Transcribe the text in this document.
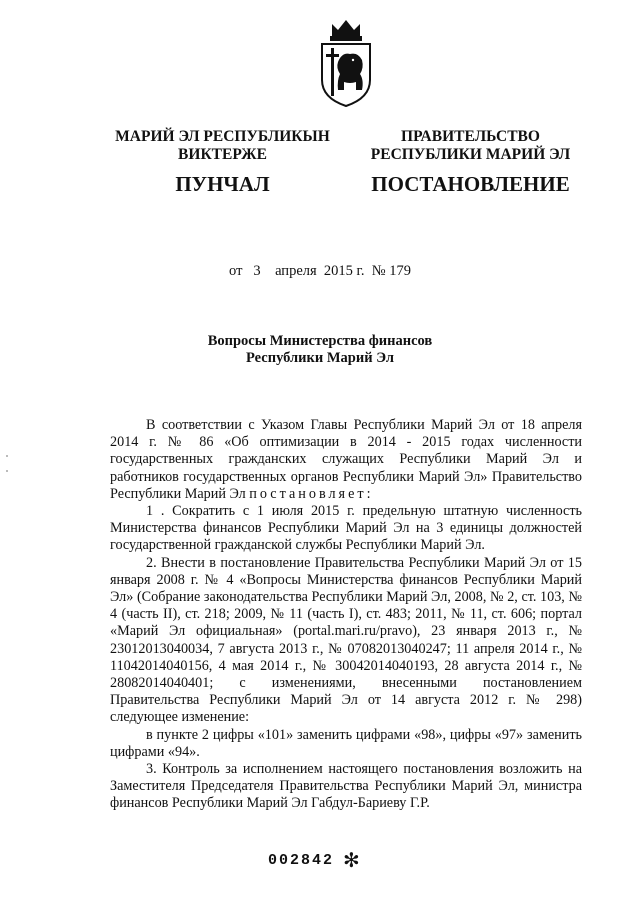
МАРИЙ ЭЛ РЕСПУБЛИКЫН
ВИКТЕРЖЕ
ПУНЧАЛ
ПРАВИТЕЛЬСТВО
РЕСПУБЛИКИ МАРИЙ ЭЛ
ПОСТАНОВЛЕНИЕ
от 3 апреля 2015 г. № 179
Вопросы Министерства финансов
Республики Марий Эл

В соответствии с Указом Главы Республики Марий Эл от 18 апреля 2014 г. № 86 «Об оптимизации в 2014 - 2015 годах численности государственных гражданских служащих Республики Марий Эл и работников государственных органов Республики Марий Эл» Правительство Республики Марий Эл постановляет:

1 . Сократить с 1 июля 2015 г. предельную штатную численность Министерства финансов Республики Марий Эл на 3 единицы должностей государственной гражданской службы Республики Марий Эл.

2. Внести в постановление Правительства Республики Марий Эл от 15 января 2008 г. № 4 «Вопросы Министерства финансов Республики Марий Эл» (Собрание законодательства Республики Марий Эл, 2008, № 2, ст. 103, № 4 (часть II), ст. 218; 2009, № 11 (часть I), ст. 483; 2011, № 11, ст. 606; портал «Марий Эл официальная» (portal.mari.ru/pravo), 23 января 2013 г., № 23012013040034, 7 августа 2013 г., № 07082013040247; 11 апреля 2014 г., № 11042014040156, 4 мая 2014 г., № 30042014040193, 28 августа 2014 г., № 28082014040401; с изменениями, внесенными постановлением Правительства Республики Марий Эл от 14 августа 2012 г. № 298) следующее изменение:

в пункте 2 цифры «101» заменить цифрами «98», цифры «97» заменить цифрами «94».

3. Контроль за исполнением настоящего постановления возложить на Заместителя Председателя Правительства Республики Марий Эл, министра финансов Республики Марий Эл Габдул-Бариеву Г.Р.

002842 ✻
